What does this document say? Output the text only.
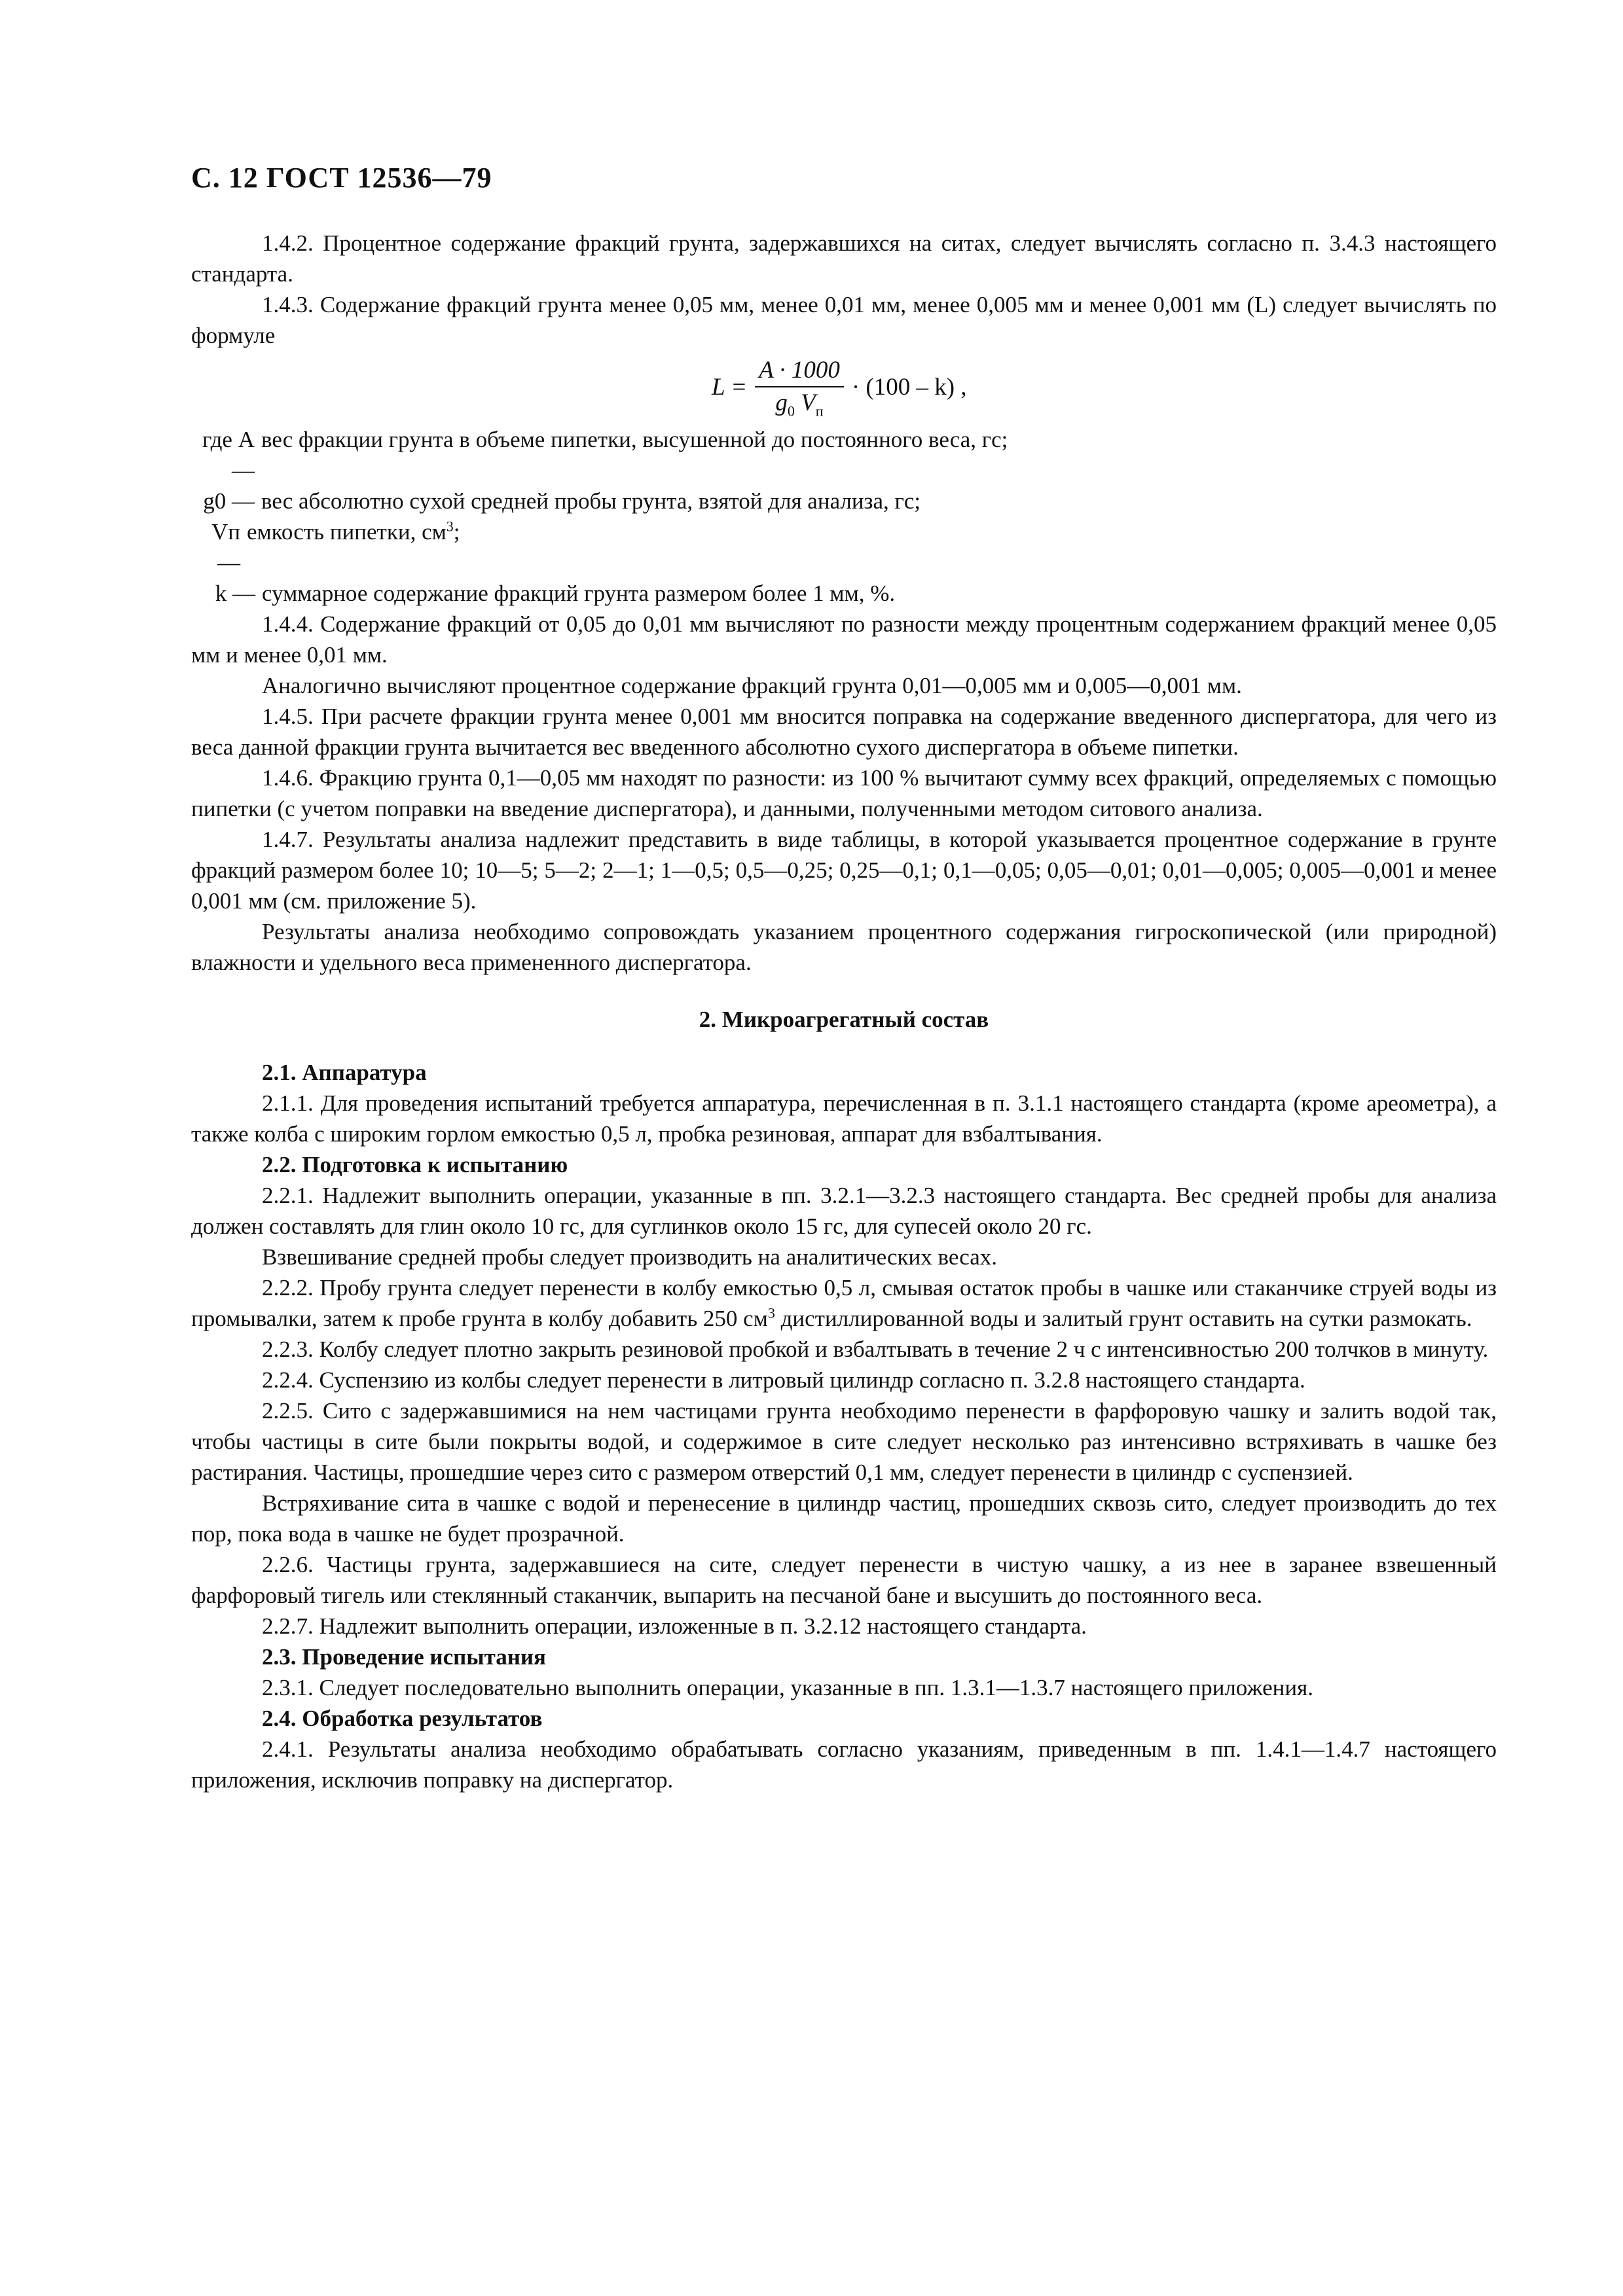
С. 12 ГОСТ 12536—79

1.4.2. Процентное содержание фракций грунта, задержавшихся на ситах, следует вычислять согласно п. 3.4.3 настоящего стандарта.

1.4.3. Содержание фракций грунта менее 0,05 мм, менее 0,01 мм, менее 0,005 мм и менее 0,001 мм (L) следует вычислять по формуле

$L = \frac{A \cdot 1000}{g_0 V_п} \cdot (100 - k)$ ,
где A —
вес фракции грунта в объеме пипетки, высушенной до постоянного веса, гс;
g0 — вес абсолютно сухой средней пробы грунта, взятой для анализа, гс;
Vп —
емкость пипетки, $см^3$;
k — суммарное содержание фракций грунта размером более 1 мм, %.

1.4.4. Содержание фракций от 0,05 до 0,01 мм вычисляют по разности между процентным содержанием фракций менее 0,05 мм и менее 0,01 мм.

Аналогично вычисляют процентное содержание фракций грунта 0,01—0,005 мм и 0,005—0,001 мм.

1.4.5. При расчете фракции грунта менее 0,001 мм вносится поправка на содержание введенного диспергатора, для чего из веса данной фракции грунта вычитается вес введенного абсолютно сухого диспергатора в объеме пипетки.

1.4.6. Фракцию грунта 0,1—0,05 мм находят по разности: из 100 % вычитают сумму всех фракций, определяемых с помощью пипетки (с учетом поправки на введение диспергатора), и данными, полученными методом ситового анализа.

1.4.7. Результаты анализа надлежит представить в виде таблицы, в которой указывается процентное содержание в грунте фракций размером более 10; 10—5; 5—2; 2—1; 1—0,5; 0,5—0,25; 0,25—0,1; 0,1—0,05; 0,05—0,01; 0,01—0,005; 0,005—0,001 и менее 0,001 мм (см. приложение 5).

Результаты анализа необходимо сопровождать указанием процентного содержания гигроскопической (или природной) влажности и удельного веса примененного диспергатора.

2. Микроагрегатный состав

2.1. Аппаратура

2.1.1. Для проведения испытаний требуется аппаратура, перечисленная в п. 3.1.1 настоящего стандарта (кроме ареометра), а также колба с широким горлом емкостью 0,5 л, пробка резиновая, аппарат для взбалтывания.

2.2. Подготовка к испытанию

2.2.1. Надлежит выполнить операции, указанные в пп. 3.2.1—3.2.3 настоящего стандарта. Вес средней пробы для анализа должен составлять для глин около 10 гс, для суглинков около 15 гс, для супесей около 20 гс.

Взвешивание средней пробы следует производить на аналитических весах.

2.2.2. Пробу грунта следует перенести в колбу емкостью 0,5 л, смывая остаток пробы в чашке или стаканчике струей воды из промывалки, затем к пробе грунта в колбу добавить 250 $см^3$ дистиллированной воды и залитый грунт оставить на сутки размокать.

2.2.3. Колбу следует плотно закрыть резиновой пробкой и взбалтывать в течение 2 ч с интенсивностью 200 толчков в минуту.

2.2.4. Суспензию из колбы следует перенести в литровый цилиндр согласно п. 3.2.8 настоящего стандарта.

2.2.5. Сито с задержавшимися на нем частицами грунта необходимо перенести в фарфоровую чашку и залить водой так, чтобы частицы в сите были покрыты водой, и содержимое в сите следует несколько раз интенсивно встряхивать в чашке без растирания. Частицы, прошедшие через сито с размером отверстий 0,1 мм, следует перенести в цилиндр с суспензией.

Встряхивание сита в чашке с водой и перенесение в цилиндр частиц, прошедших сквозь сито, следует производить до тех пор, пока вода в чашке не будет прозрачной.

2.2.6. Частицы грунта, задержавшиеся на сите, следует перенести в чистую чашку, а из нее в заранее взвешенный фарфоровый тигель или стеклянный стаканчик, выпарить на песчаной бане и высушить до постоянного веса.

2.2.7. Надлежит выполнить операции, изложенные в п. 3.2.12 настоящего стандарта.

2.3. Проведение испытания

2.3.1. Следует последовательно выполнить операции, указанные в пп. 1.3.1—1.3.7 настоящего приложения.

2.4. Обработка результатов

2.4.1. Результаты анализа необходимо обрабатывать согласно указаниям, приведенным в пп. 1.4.1—1.4.7 настоящего приложения, исключив поправку на диспергатор.
